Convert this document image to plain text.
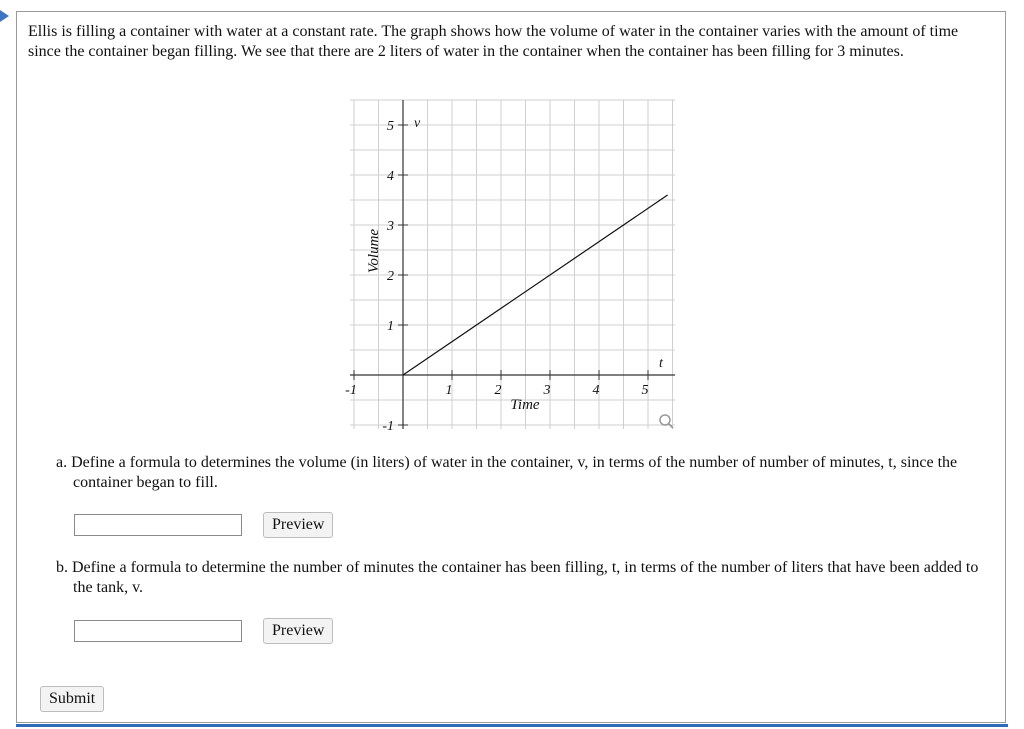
Ellis is filling a container with water at a constant rate. The graph shows how the volume of water in the container varies with the amount of time since the container began filling. We see that there are 2 liters of water in the container when the container has been filling for 3 minutes.

-1	1	2	3	4	5
-1
1
2
3
4
5 v
t
Time
Volume

a. Define a formula to determines the volume (in liters) of water in the container, v, in terms of the number of number of minutes, t, since the container began to fill.

Preview

b. Define a formula to determine the number of minutes the container has been filling, t, in terms of the number of liters that have been added to the tank, v.

Preview
Submit
